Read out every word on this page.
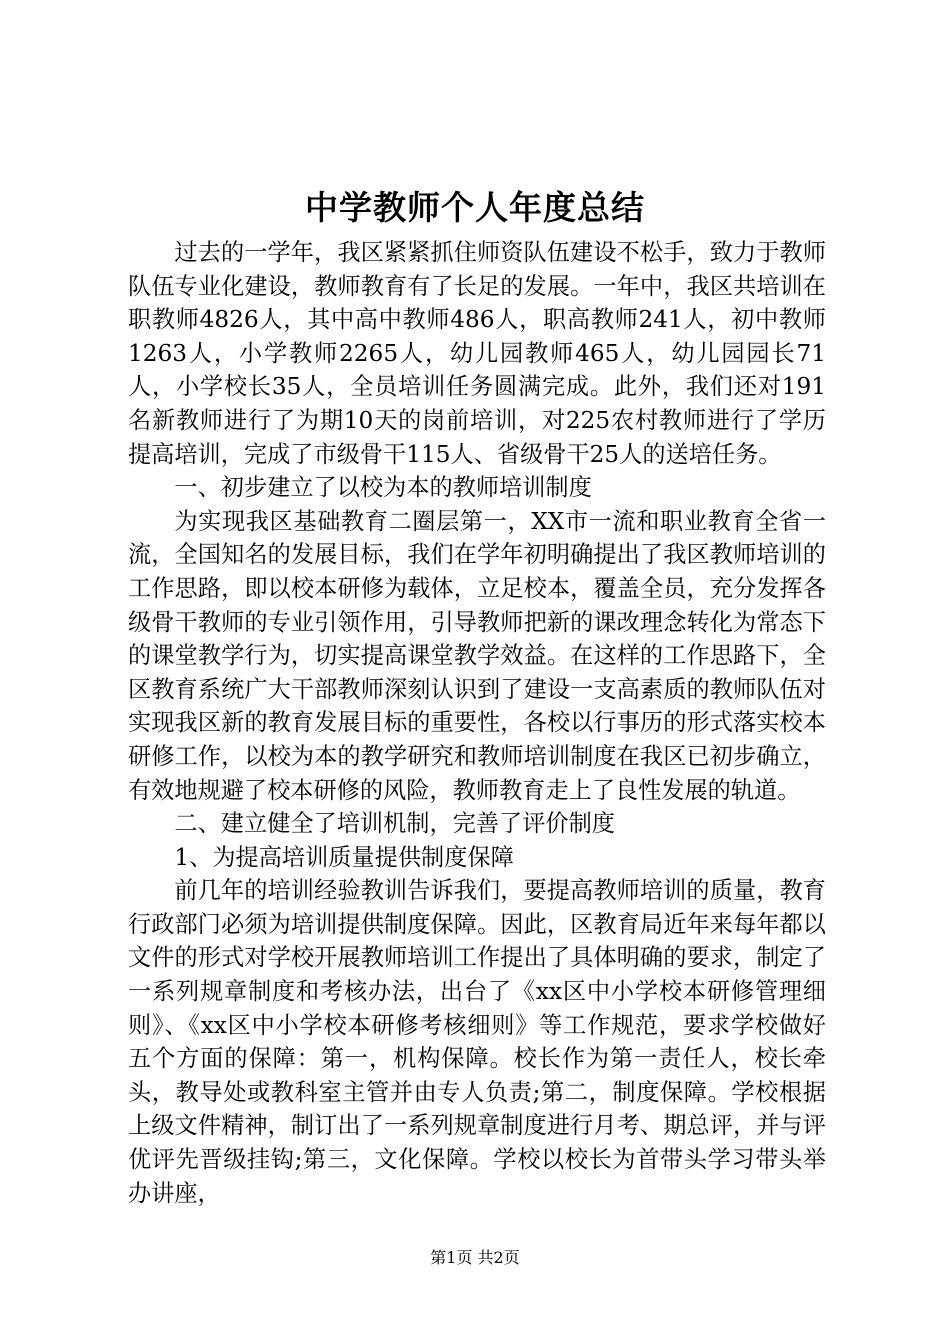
中学教师个人年度总结

过去的一学年，我区紧紧抓住师资队伍建设不松手，致力于教师队伍专业化建设，教师教育有了长足的发展。一年中，我区共培训在职教师4826人，其中高中教师486人，职高教师241人，初中教师1263人，小学教师2265人，幼儿园教师465人，幼儿园园长71人，小学校长35人，全员培训任务圆满完成。此外，我们还对191名新教师进行了为期10天的岗前培训，对225农村教师进行了学历提高培训，完成了市级骨干115人、省级骨干25人的送培任务。

一、初步建立了以校为本的教师培训制度

为实现我区基础教育二圈层第一，XX市一流和职业教育全省一流，全国知名的发展目标，我们在学年初明确提出了我区教师培训的工作思路，即以校本研修为载体，立足校本，覆盖全员，充分发挥各级骨干教师的专业引领作用，引导教师把新的课改理念转化为常态下的课堂教学行为，切实提高课堂教学效益。在这样的工作思路下，全区教育系统广大干部教师深刻认识到了建设一支高素质的教师队伍对实现我区新的教育发展目标的重要性，各校以行事历的形式落实校本研修工作，以校为本的教学研究和教师培训制度在我区已初步确立，有效地规避了校本研修的风险，教师教育走上了良性发展的轨道。

二、建立健全了培训机制，完善了评价制度

1、为提高培训质量提供制度保障

前几年的培训经验教训告诉我们，要提高教师培训的质量，教育行政部门必须为培训提供制度保障。因此，区教育局近年来每年都以文件的形式对学校开展教师培训工作提出了具体明确的要求，制定了一系列规章制度和考核办法，出台了《xx区中小学校本研修管理细则》、《xx区中小学校本研修考核细则》等工作规范，要求学校做好五个方面的保障：第一，机构保障。校长作为第一责任人，校长牵头，教导处或教科室主管并由专人负责;第二，制度保障。学校根据上级文件精神，制订出了一系列规章制度进行月考、期总评，并与评优评先晋级挂钩;第三，文化保障。学校以校长为首带头学习带头举办讲座，

第1页 共2页
